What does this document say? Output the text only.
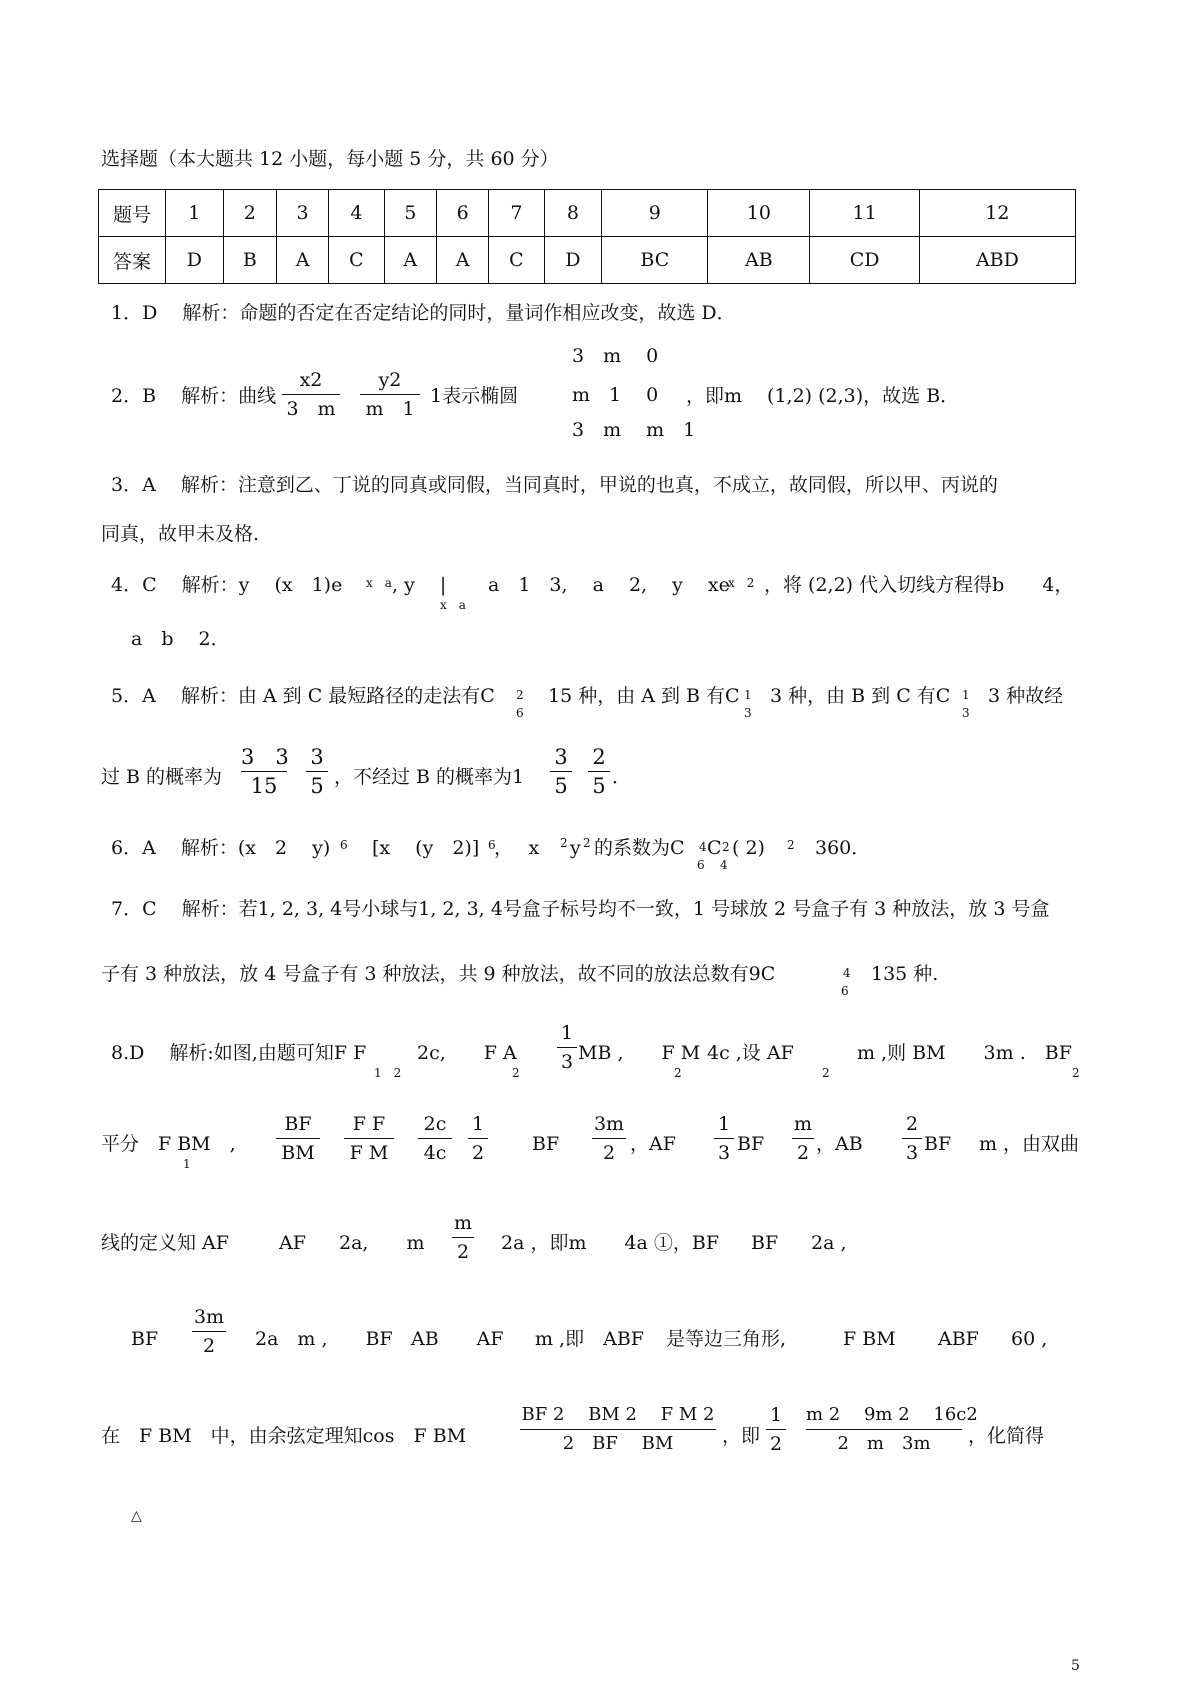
选择题（本大题共 12 小题，每小题 5 分，共 60 分）
题号	1	2	3	4	5	6	7	8	9	10	11	12
答案	D	B	A	C	A	A	C	D	BC	AB	CD	ABD
1．D　 解析：命题的否定在否定结论的同时，量词作相应改变，故选 D．
2．B　 解析：曲线
x2
3　m
y2
m　1
1表示椭圆
3　m　 0
m　1　 0
3　m　 m　1
，即m　 (1,2) (2,3)，故选 B．
3．A　 解析：注意到乙、丁说的同真或同假，当同真时，甲说的也真，不成立，故同假，所以甲、丙说的
同真，故甲未及格.
4．C　 解析：y　 (x　1)e x　a , y　 |
x　a
a　1　3,　 a　 2,　 y　 xe
x　2 ，将 (2,2) 代入切线方程得b　　4，
a　b　 2．
5．A　 解析：由 A 到 C 最短路径的走法有C 2
6
15 种，由 A 到 B 有C 1
3
3 种，由 B 到 C 有C 1
3
3 种故经
过 B 的概率为
3　3
15
3
5 ，不经过 B 的概率为1
3
5
2
5 ．
6．A　 解析：(x　2　 y) 6 [x　 (y　2)] 6
，　 x 2 y 2 的系数为C 4
6
C 2
4
( 2) 2 　360．
7．C　 解析：若1, 2, 3, 4号小球与1, 2, 3, 4号盒子标号均不一致，1 号球放 2 号盒子有 3 种放法，放 3 号盒
子有 3 种放法，放 4 号盒子有 3 种放法，共 9 种放法，故不同的放法总数有9C	4
6
　135 种.
8.D　 解析:如图,由题可知F F
1　2
　2c,　　F A
2
1
3 MB ,　　F M
2
　4c ,设 AF
2
　m ,则 BM　　3m .　BF
2
平分　F BM　,
1
BF
BM
F F
F M
2c
4c
1
2	BF
3m
2 ，AF
1
3 BF
m
2 ，AB
2
3 BF 　m ，由双曲
线的定义知 AF 　AF 　2a,　　m
m
2 　2a ，即m　　4a ①，BF 　BF 　2a ,
BF
3m
2	　2a　m ,　　BF 　AB　　AF 　m ,即　ABF 是等边三角形,　　　F BM 　　ABF 　60 ,
在　F BM　中，由余弦定理知cos　F BM
BF 2 　BM 2 　F M 2
2　BF 　BM	，即
1
2
m 2 　9m 2 　16c2
2　m　3m	，化简得
△
5
